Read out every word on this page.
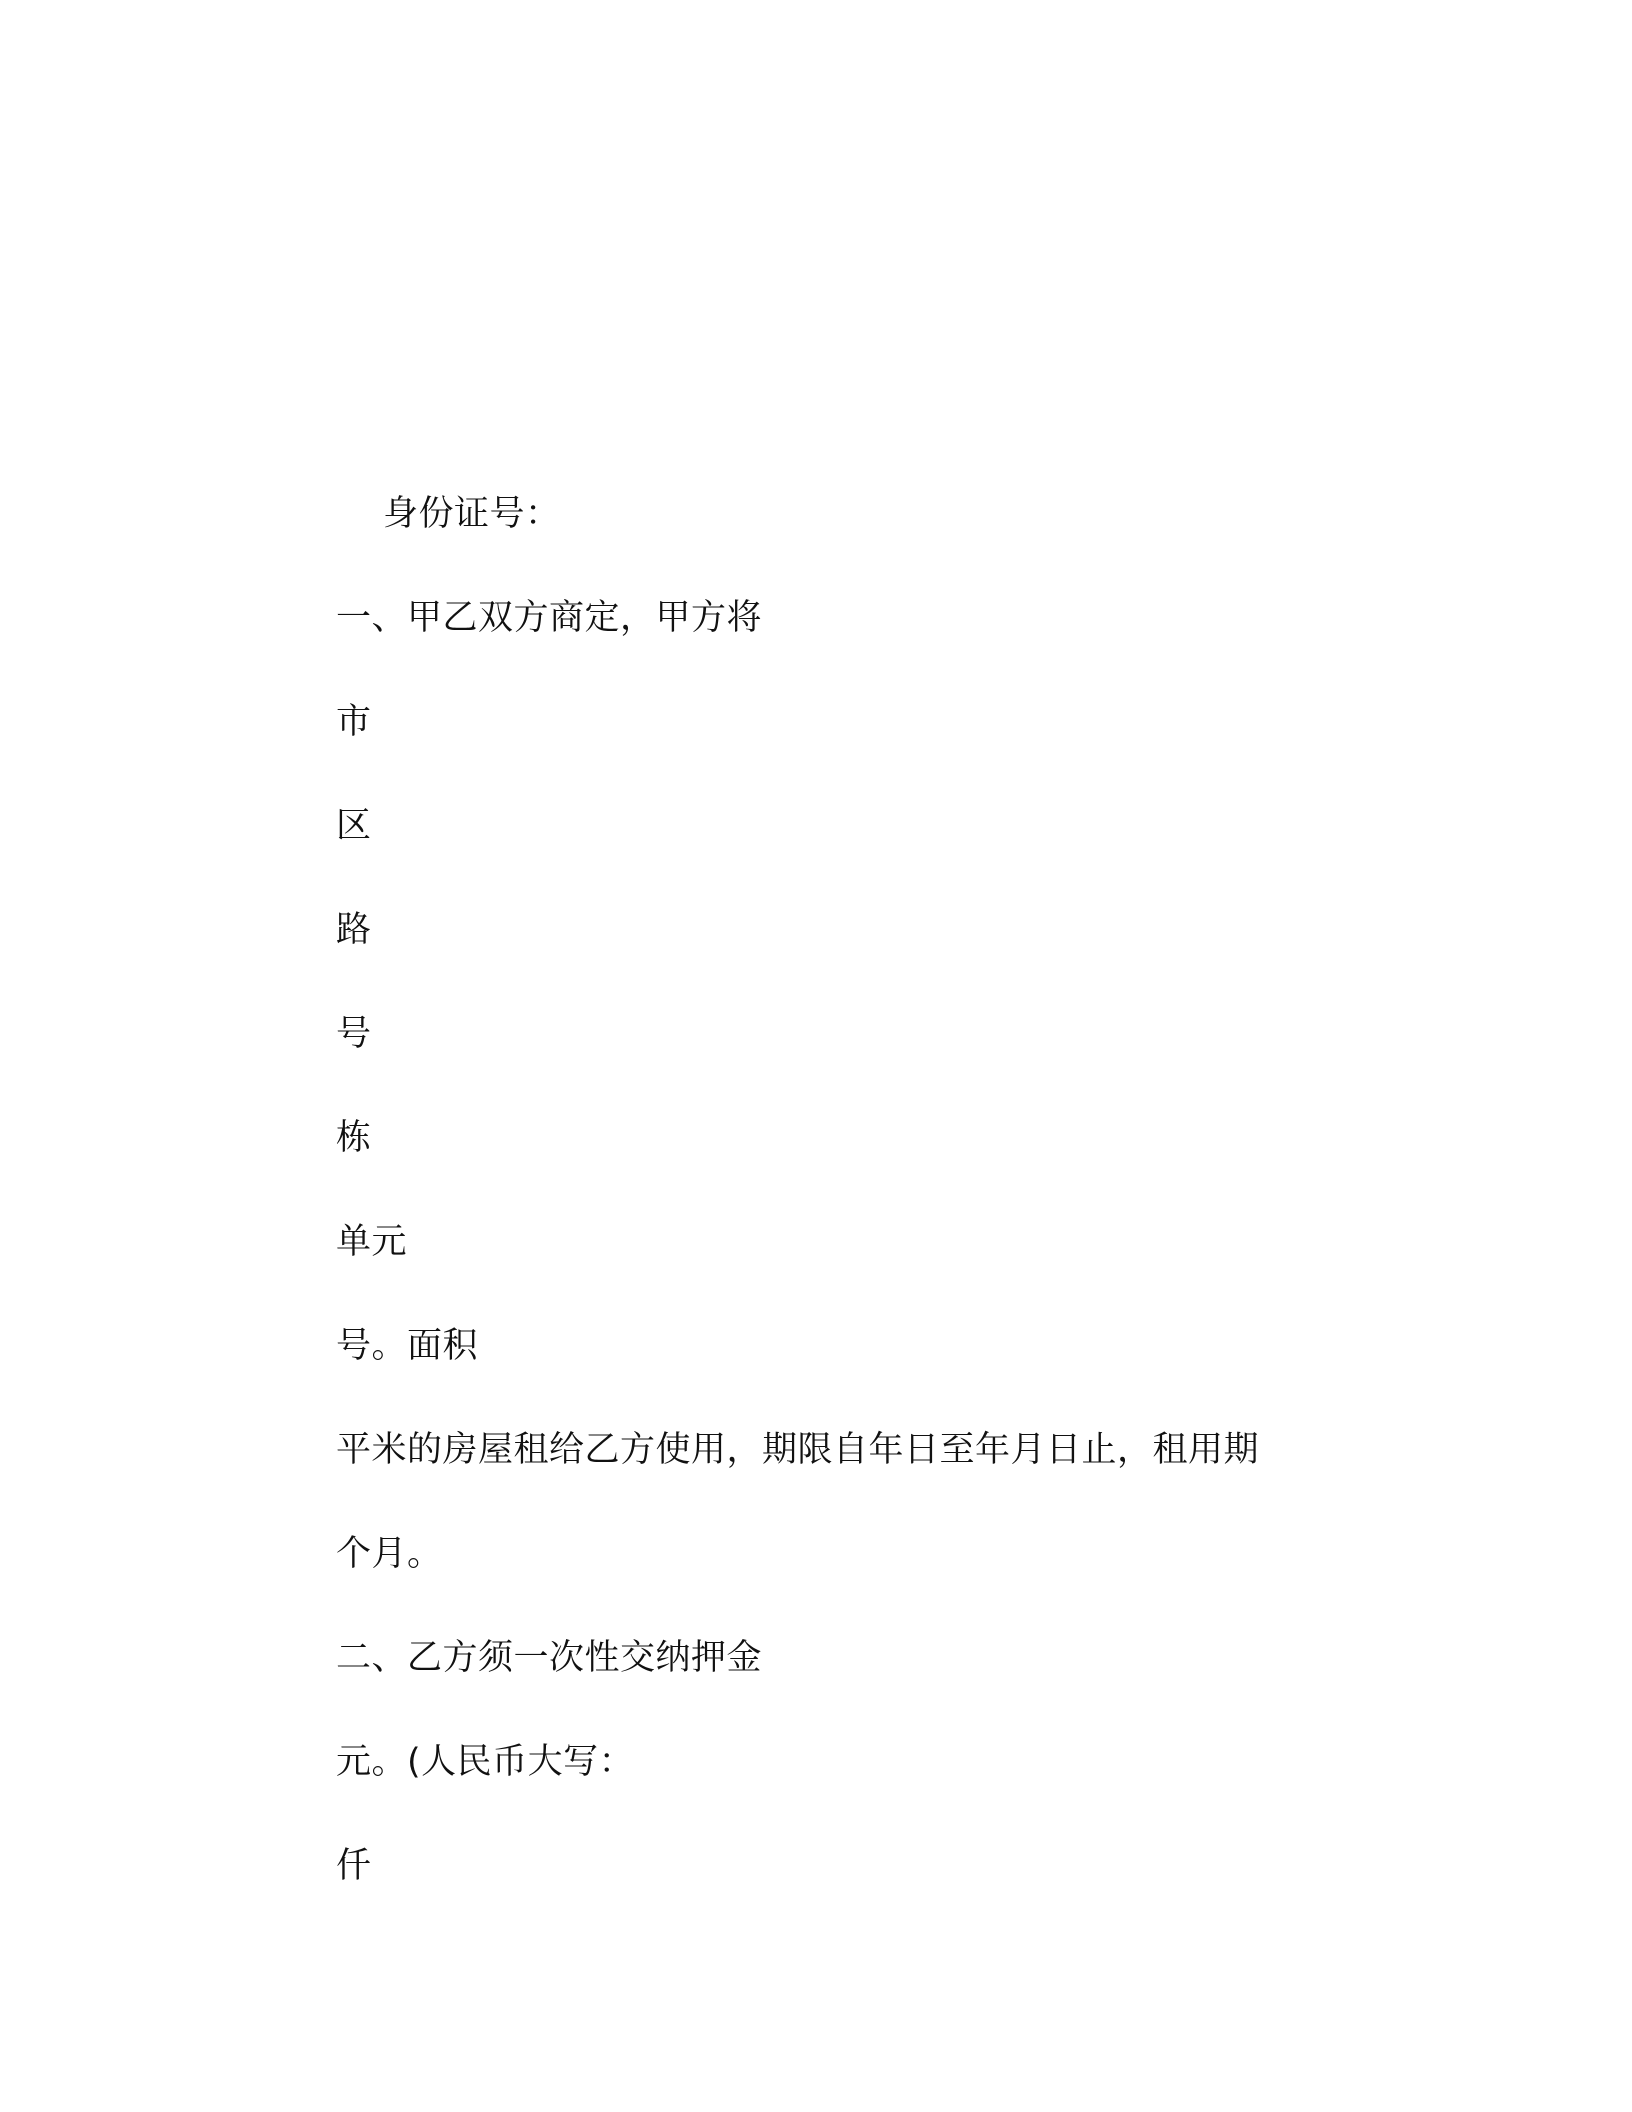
身份证号：

一、甲乙双方商定，甲方将

市

区

路

号

栋

单元

号。面积

平米的房屋租给乙方使用，期限自年日至年月日止，租用期

个月。

二、乙方须一次性交纳押金

元。(人民币大写：

仟
